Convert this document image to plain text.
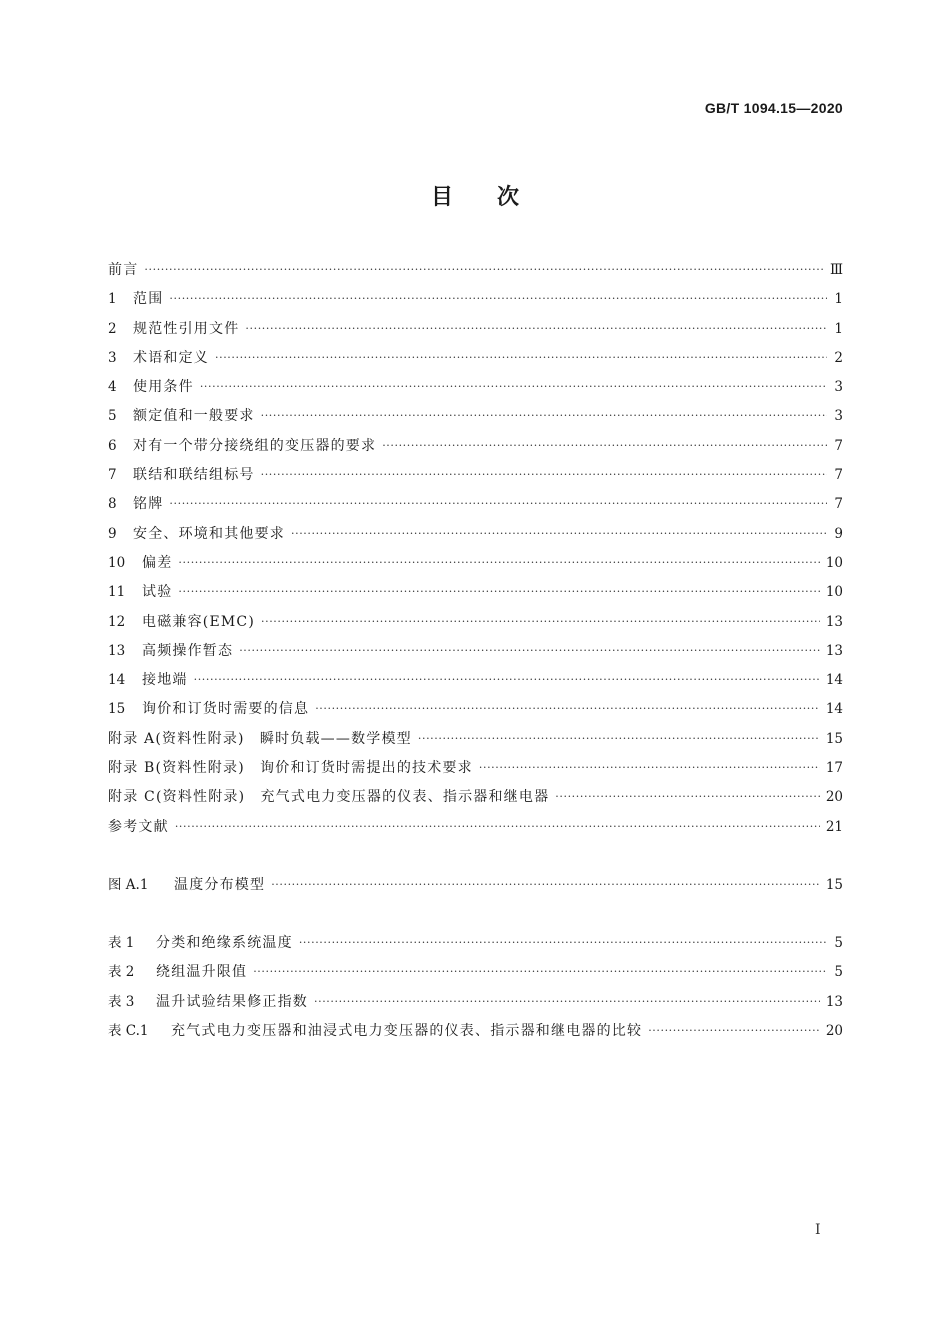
GB/T 1094.15—2020
目次
前言 ·····	Ⅲ
1	范围 ·····	1
2	规范性引用文件 ·····	1
3	术语和定义 ·····	2
4	使用条件 ·····	3
5	额定值和一般要求 ·····	3
6	对有一个带分接绕组的变压器的要求 ·····	7
7	联结和联结组标号 ·····	7
8	铭牌 ·····	7
9	安全、环境和其他要求 ·····	9
10	偏差 ·····	10
11	试验 ·····	10
12	电磁兼容(EMC) ·····	13
13	高频操作暂态 ·····	13
14	接地端 ·····	14
15	询价和订货时需要的信息 ·····	14
附录 A(资料性附录)　瞬时负载——数学模型 ·····	15
附录 B(资料性附录)　询价和订货时需提出的技术要求 ·····	17
附录 C(资料性附录)　充气式电力变压器的仪表、指示器和继电器 ·····	20
参考文献 ·····	21
图 A.1	温度分布模型 ·····	15
表 1	分类和绝缘系统温度 ·····	5
表 2	绕组温升限值 ·····	5
表 3	温升试验结果修正指数 ·····	13
表 C.1	充气式电力变压器和油浸式电力变压器的仪表、指示器和继电器的比较 ·····	20
I
